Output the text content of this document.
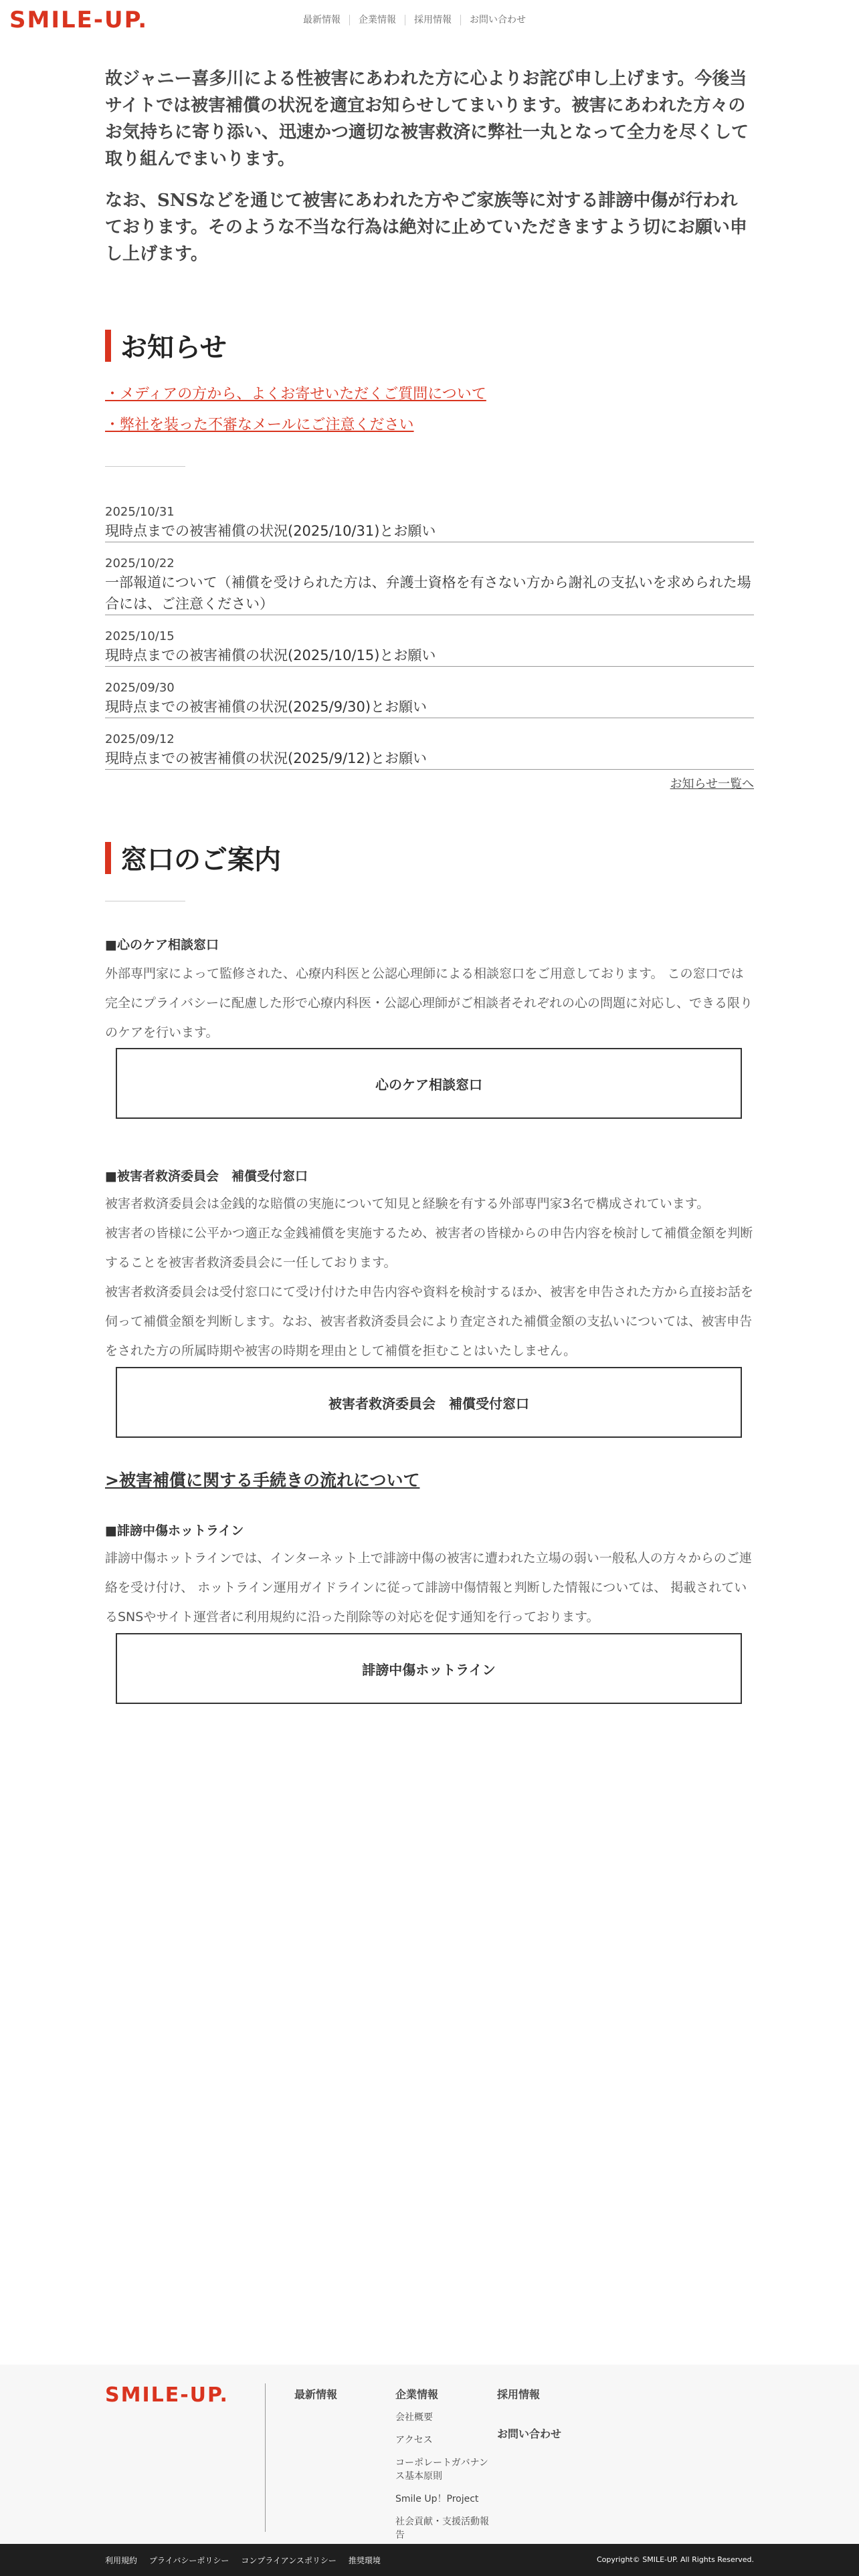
SMILE-UP.	最新情報	企業情報	採用情報	お問い合わせ

故ジャニー喜多川による性被害にあわれた方に心よりお詫び申し上げます。今後当サイトでは被害補償の状況を適宜お知らせしてまいります。被害にあわれた方々のお気持ちに寄り添い、迅速かつ適切な被害救済に弊社一丸となって全力を尽くして取り組んでまいります。

なお、SNSなどを通じて被害にあわれた方やご家族等に対する誹謗中傷が行われております。そのような不当な行為は絶対に止めていただきますよう切にお願い申し上げます。

お知らせ
・メディアの方から、よくお寄せいただくご質問について
・弊社を装った不審なメールにご注意ください
2025/10/31
現時点までの被害補償の状況(2025/10/31)とお願い
2025/10/22
一部報道について（補償を受けられた方は、弁護士資格を有さない方から謝礼の支払いを求められた場合には、ご注意ください）
2025/10/15
現時点までの被害補償の状況(2025/10/15)とお願い
2025/09/30
現時点までの被害補償の状況(2025/9/30)とお願い
2025/09/12
現時点までの被害補償の状況(2025/9/12)とお願い
お知らせ一覧へ
窓口のご案内
■心のケア相談窓口

外部専門家によって監修された、心療内科医と公認心理師による相談窓口をご用意しております。 この窓口では完全にプライバシーに配慮した形で心療内科医・公認心理師がご相談者それぞれの心の問題に対応し、できる限りのケアを行います。

心のケア相談窓口
■被害者救済委員会　補償受付窓口

被害者救済委員会は金銭的な賠償の実施について知見と経験を有する外部専門家3名で構成されています。

被害者の皆様に公平かつ適正な金銭補償を実施するため、被害者の皆様からの申告内容を検討して補償金額を判断することを被害者救済委員会に一任しております。

被害者救済委員会は受付窓口にて受け付けた申告内容や資料を検討するほか、被害を申告された方から直接お話を伺って補償金額を判断します。なお、被害者救済委員会により査定された補償金額の支払いについては、被害申告をされた方の所属時期や被害の時期を理由として補償を拒むことはいたしません。

被害者救済委員会　補償受付窓口
>被害補償に関する手続きの流れについて
■誹謗中傷ホットライン

誹謗中傷ホットラインでは、インターネット上で誹謗中傷の被害に遭われた立場の弱い一般私人の方々からのご連絡を受け付け、 ホットライン運用ガイドラインに従って誹謗中傷情報と判断した情報については、 掲載されているSNSやサイト運営者に利用規約に沿った削除等の対応を促す通知を行っております。

誹謗中傷ホットライン
SMILE-UP.	最新情報	企業情報
会社概要
アクセス
コーポレートガバナンス基本原則
Smile Up！Project
社会貢献・支援活動報告
採用情報
お問い合わせ
利用規約 プライバシーポリシー コンプライアンスポリシー 推奨環境	Copyright© SMILE-UP. All Rights Reserved.
